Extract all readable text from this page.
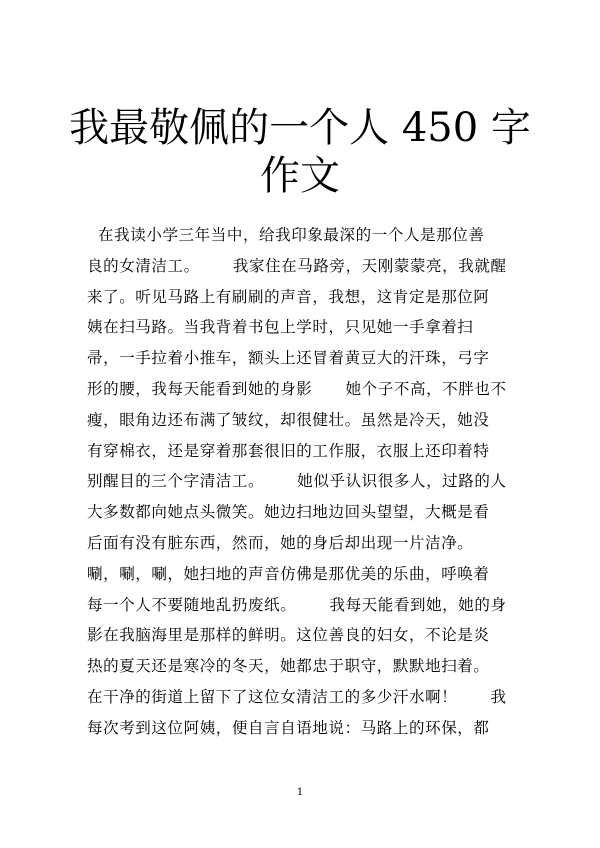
我最敬佩的一个人 450 字
作文
在我读小学三年当中，给我印象最深的一个人是那位善
良的女清洁工。      我家住在马路旁，天刚蒙蒙亮，我就醒
来了。听见马路上有刷刷的声音，我想，这肯定是那位阿
姨在扫马路。当我背着书包上学时，只见她一手拿着扫
帚，一手拉着小推车，额头上还冒着黄豆大的汗珠，弓字
形的腰，我每天能看到她的身影      她个子不高，不胖也不
瘦，眼角边还布满了皱纹，却很健壮。虽然是冷天，她没
有穿棉衣，还是穿着那套很旧的工作服，衣服上还印着特
别醒目的三个字清洁工。      她似乎认识很多人，过路的人
大多数都向她点头微笑。她边扫地边回头望望，大概是看
后面有没有脏东西，然而，她的身后却出现一片洁净。
唰，唰，唰，她扫地的声音仿佛是那优美的乐曲，呼唤着
每一个人不要随地乱扔废纸。      我每天能看到她，她的身
影在我脑海里是那样的鲜明。这位善良的妇女，不论是炎
热的夏天还是寒冷的冬天，她都忠于职守，默默地扫着。
在干净的街道上留下了这位女清洁工的多少汗水啊！      我
每次考到这位阿姨，便自言自语地说：马路上的环保，都
1
